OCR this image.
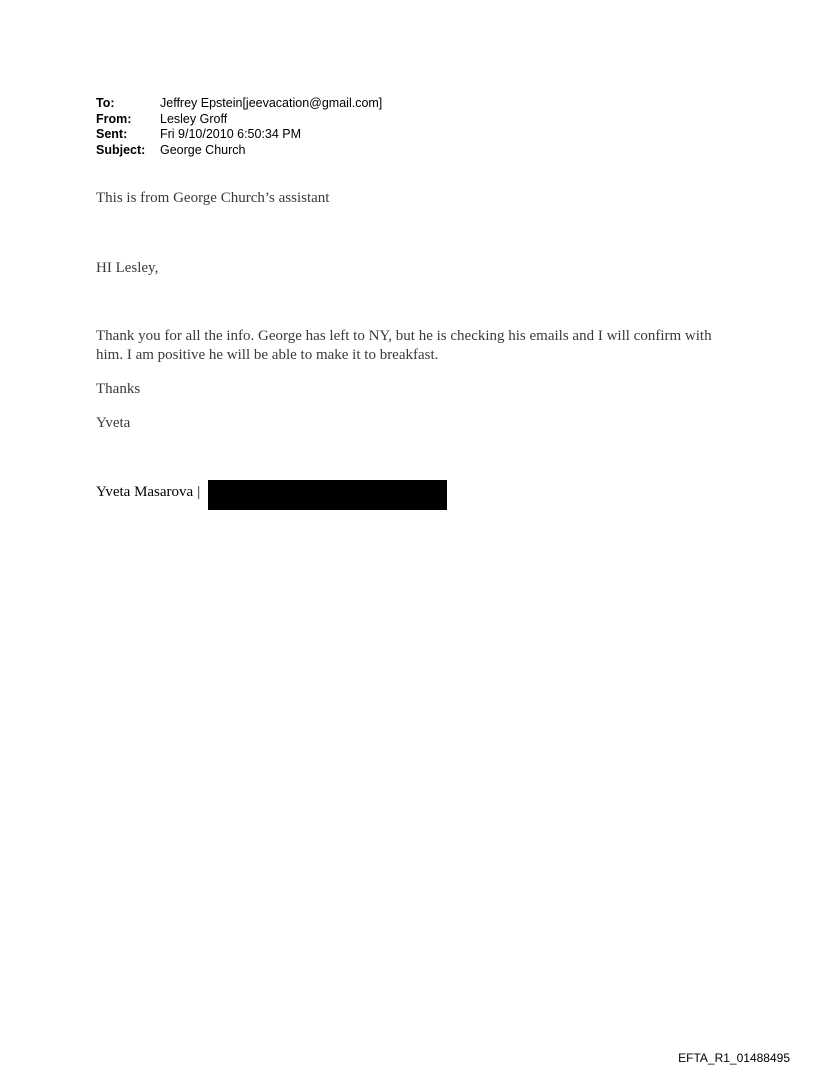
To:	Jeffrey Epstein[jeevacation@gmail.com]
From:	Lesley Groff
Sent:	Fri 9/10/2010 6:50:34 PM
Subject:	George Church
This is from George Church’s assistant
HI Lesley,
Thank you for all the info. George has left to NY, but he is checking his emails and I will confirm with him. I am positive he will be able to make it to breakfast.
Thanks
Yveta
Yveta Masarova |
EFTA_R1_01488495
